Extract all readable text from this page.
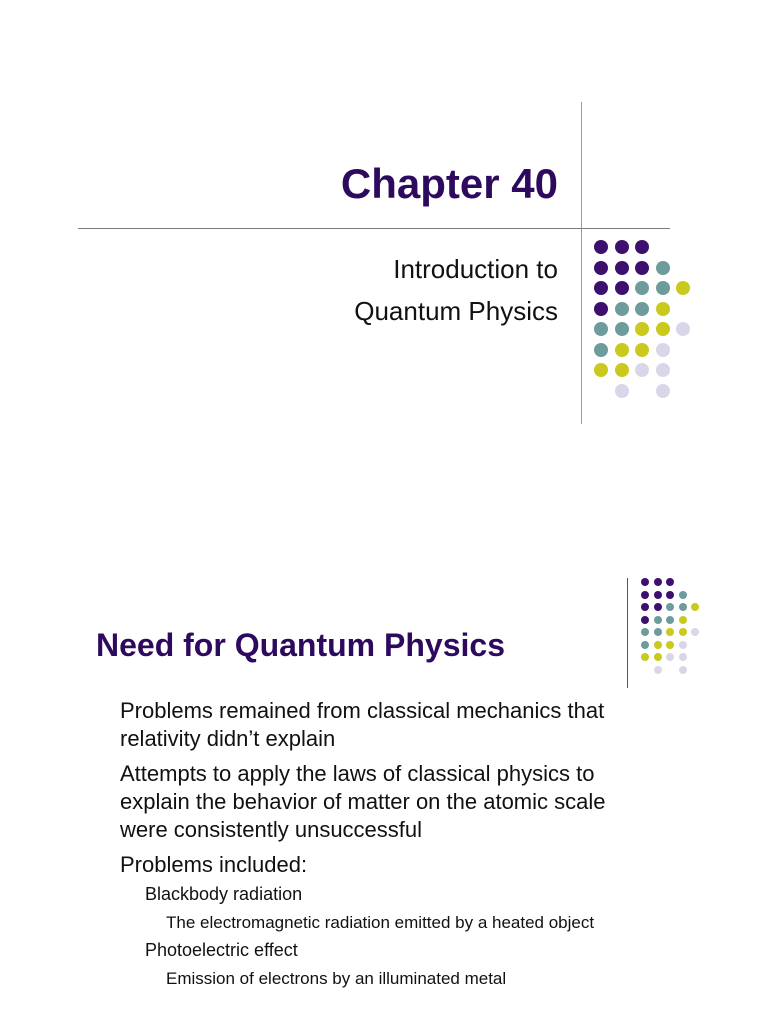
Chapter 40
Introduction to
Quantum Physics
Need for Quantum Physics
Problems remained from classical mechanics that
relativity didn’t explain
Attempts to apply the laws of classical physics to
explain the behavior of matter on the atomic scale
were consistently unsuccessful
Problems included:
Blackbody radiation
The electromagnetic radiation emitted by a heated object
Photoelectric effect
Emission of electrons by an illuminated metal
